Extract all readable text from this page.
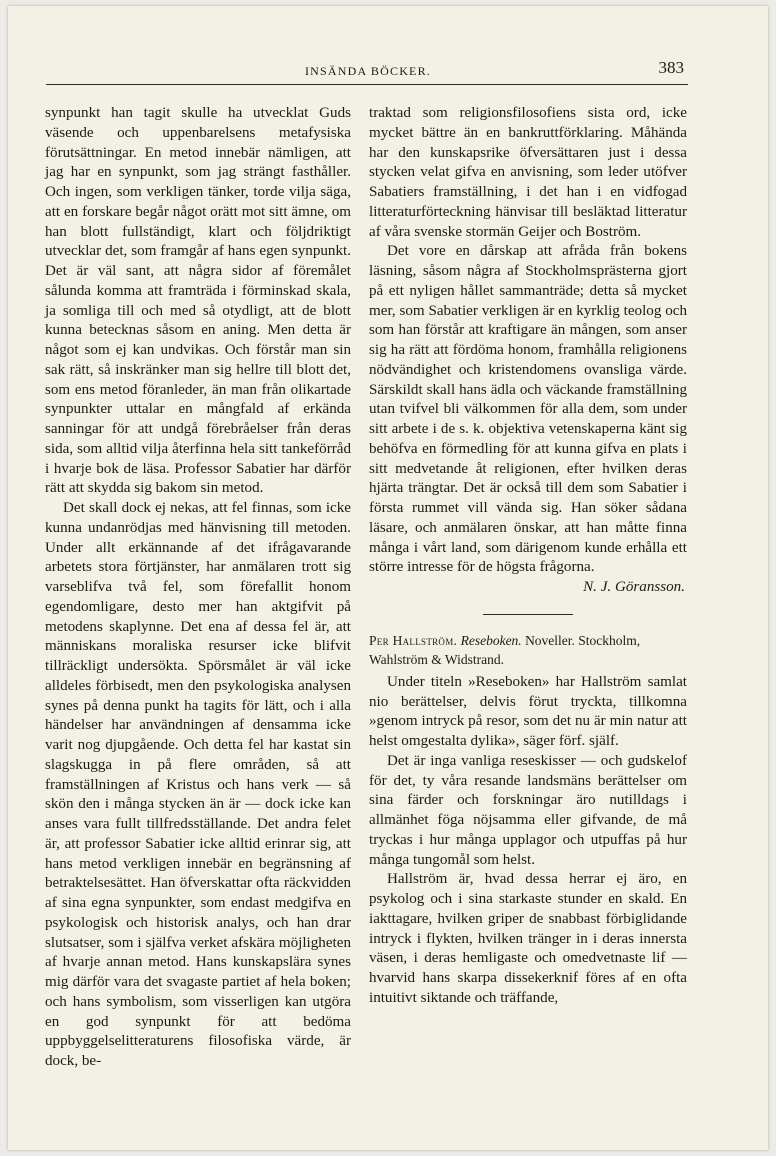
INSÄNDA BÖCKER.	383

synpunkt han tagit skulle ha utvecklat Guds väsende och uppenbarelsens metafysiska förutsättningar. En metod innebär nämligen, att jag har en synpunkt, som jag strängt fasthåller. Och ingen, som verkligen tänker, torde vilja säga, att en forskare begår något orätt mot sitt ämne, om han blott fullständigt, klart och följdriktigt utvecklar det, som framgår af hans egen synpunkt. Det är väl sant, att några sidor af föremålet sålunda komma att framträda i förminskad skala, ja somliga till och med så otydligt, att de blott kunna betecknas såsom en aning. Men detta är något som ej kan undvikas. Och förstår man sin sak rätt, så inskränker man sig hellre till blott det, som ens metod föranleder, än man från olikartade synpunkter uttalar en mångfald af erkända sanningar för att undgå förebråelser från deras sida, som alltid vilja återfinna hela sitt tankeförråd i hvarje bok de läsa. Professor Sabatier har därför rätt att skydda sig bakom sin metod.

Det skall dock ej nekas, att fel finnas, som icke kunna undanrödjas med hänvisning till metoden. Under allt erkännande af det ifrågavarande arbetets stora förtjänster, har anmälaren trott sig varseblifva två fel, som förefallit honom egendomligare, desto mer han aktgifvit på metodens skaplynne. Det ena af dessa fel är, att människans moraliska resurser icke blifvit tillräckligt undersökta. Spörsmålet är väl icke alldeles förbisedt, men den psykologiska analysen synes på denna punkt ha tagits för lätt, och i alla händelser har användningen af densamma icke varit nog djupgående. Och detta fel har kastat sin slagskugga in på flere områden, så att framställningen af Kristus och hans verk — så skön den i många stycken än är — dock icke kan anses vara fullt tillfredsställande. Det andra felet är, att professor Sabatier icke alltid erinrar sig, att hans metod verkligen innebär en begränsning af betraktelsesättet. Han öfverskattar ofta räckvidden af sina egna synpunkter, som endast medgifva en psykologisk och historisk analys, och han drar slutsatser, som i själfva verket afskära möjligheten af hvarje annan metod. Hans kunskapslära synes mig därför vara det svagaste partiet af hela boken; och hans symbolism, som visserligen kan utgöra en god synpunkt för att bedöma uppbyggelselitteraturens filosofiska värde, är dock, be-

traktad som religionsfilosofiens sista ord, icke mycket bättre än en bankruttförklaring. Måhända har den kunskapsrike öfversättaren just i dessa stycken velat gifva en anvisning, som leder utöfver Sabatiers framställning, i det han i en vidfogad litteraturförteckning hänvisar till besläktad litteratur af våra svenske stormän Geijer och Boström.

Det vore en dårskap att afråda från bokens läsning, såsom några af Stockholmsprästerna gjort på ett nyligen hållet sammanträde; detta så mycket mer, som Sabatier verkligen är en kyrklig teolog och som han förstår att kraftigare än mången, som anser sig ha rätt att fördöma honom, framhålla religionens nödvändighet och kristendomens ovansliga värde. Särskildt skall hans ädla och väckande framställning utan tvifvel bli välkommen för alla dem, som under sitt arbete i de s. k. objektiva vetenskaperna känt sig behöfva en förmedling för att kunna gifva en plats i sitt medvetande åt religionen, efter hvilken deras hjärta trängtar. Det är också till dem som Sabatier i första rummet vill vända sig. Han söker sådana läsare, och anmälaren önskar, att han måtte finna många i vårt land, som därigenom kunde erhålla ett större intresse för de högsta frågorna.

N. J. Göransson.
Per Hallström. Reseboken. Noveller. Stockholm, Wahlström & Widstrand.

Under titeln »Reseboken» har Hallström samlat nio berättelser, delvis förut tryckta, tillkomna »genom intryck på resor, som det nu är min natur att helst omgestalta dylika», säger förf. själf.

Det är inga vanliga reseskisser — och gudskelof för det, ty våra resande landsmäns berättelser om sina färder och forskningar äro nutilldags i allmänhet föga nöjsamma eller gifvande, de må tryckas i hur många upplagor och utpuffas på hur många tungomål som helst.

Hallström är, hvad dessa herrar ej äro, en psykolog och i sina starkaste stunder en skald. En iakttagare, hvilken griper de snabbast förbiglidande intryck i flykten, hvilken tränger in i deras innersta väsen, i deras hemligaste och omedvetnaste lif — hvarvid hans skarpa dissekerknif föres af en ofta intuitivt siktande och träffande,
